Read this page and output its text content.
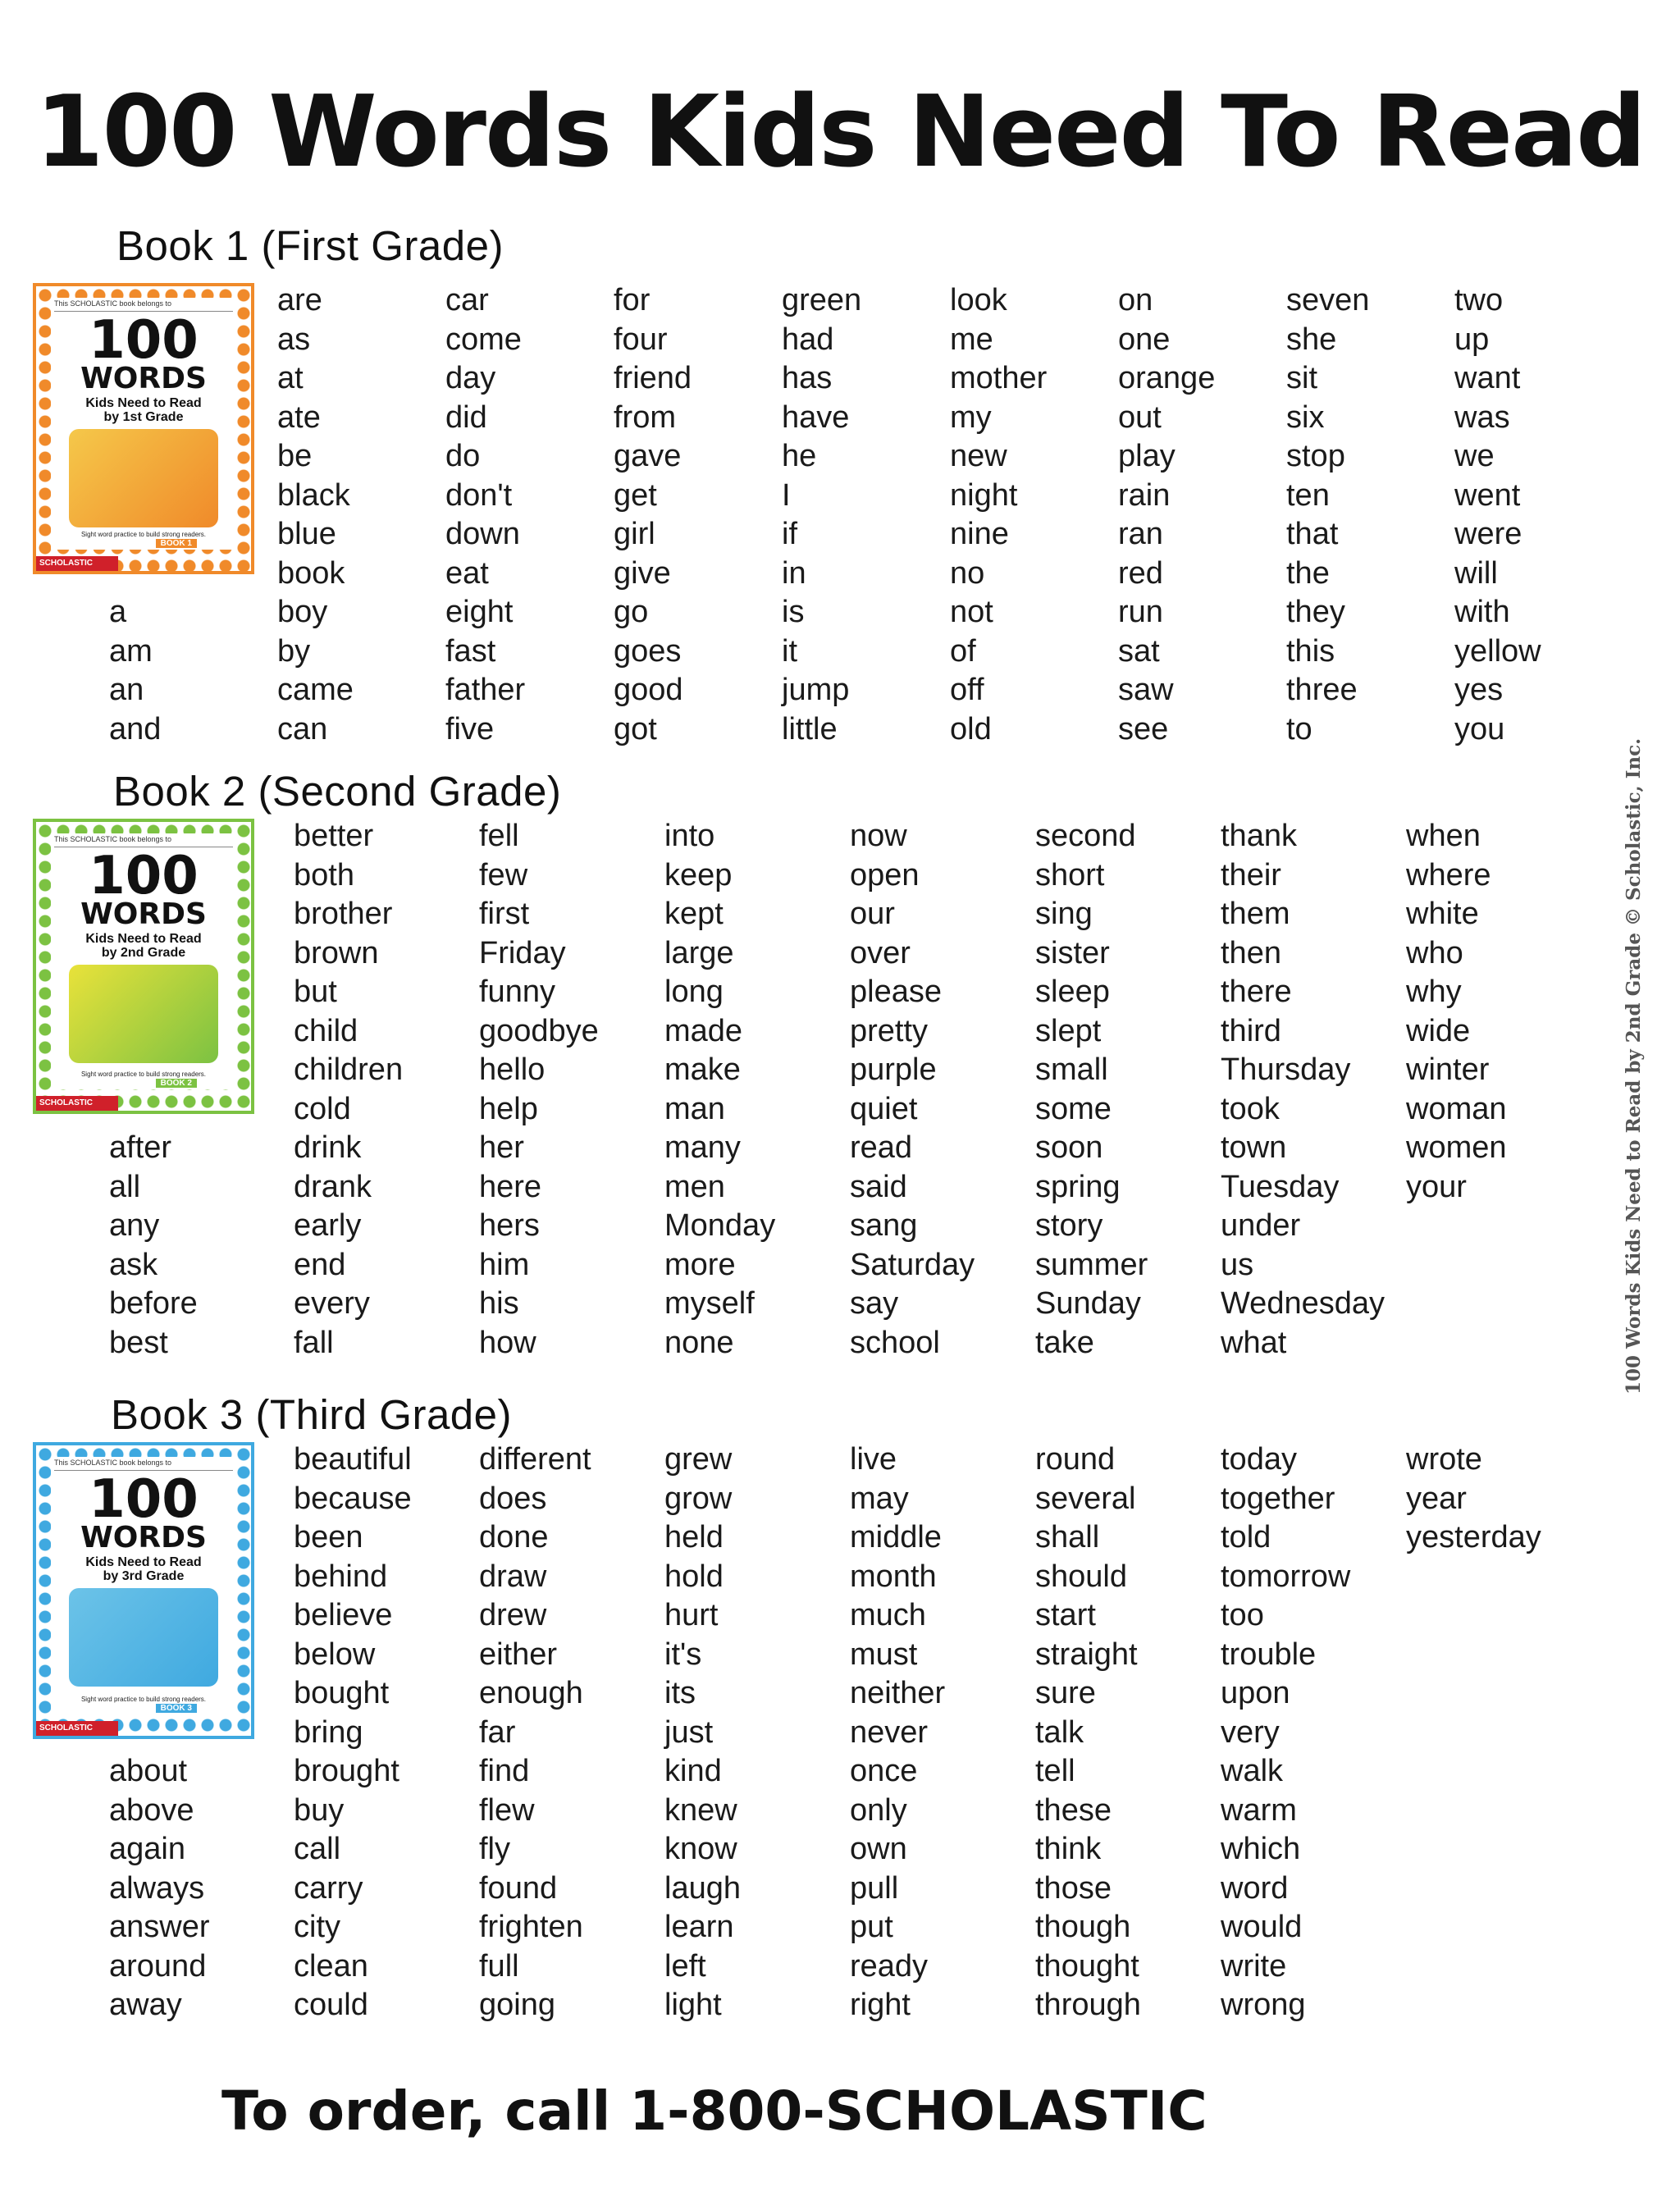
100 Words Kids Need To Read
Book 1 (First Grade)
This SCHOLASTIC book belongs to
100
WORDS
Kids Need to Read
by 1st Grade
Sight word practice to build strong readers.
BOOK 1
SCHOLASTIC
a
am
an
and
are
as
at
ate
be
black
blue
book
boy
by
came
can
car
come
day
did
do
don't
down
eat
eight
fast
father
five
for
four
friend
from
gave
get
girl
give
go
goes
good
got
green
had
has
have
he
I
if
in
is
it
jump
little
look
me
mother
my
new
night
nine
no
not
of
off
old
on
one
orange
out
play
rain
ran
red
run
sat
saw
see
seven
she
sit
six
stop
ten
that
the
they
this
three
to
two
up
want
was
we
went
were
will
with
yellow
yes
you
Book 2 (Second Grade)
This SCHOLASTIC book belongs to
100
WORDS
Kids Need to Read
by 2nd Grade
Sight word practice to build strong readers.
BOOK 2
SCHOLASTIC
after
all
any
ask
before
best
better
both
brother
brown
but
child
children
cold
drink
drank
early
end
every
fall
fell
few
first
Friday
funny
goodbye
hello
help
her
here
hers
him
his
how
into
keep
kept
large
long
made
make
man
many
men
Monday
more
myself
none
now
open
our
over
please
pretty
purple
quiet
read
said
sang
Saturday
say
school
second
short
sing
sister
sleep
slept
small
some
soon
spring
story
summer
Sunday
take
thank
their
them
then
there
third
Thursday
took
town
Tuesday
under
us
Wednesday
what
when
where
white
who
why
wide
winter
woman
women
your
Book 3 (Third Grade)
This SCHOLASTIC book belongs to
100
WORDS
Kids Need to Read
by 3rd Grade
Sight word practice to build strong readers.
BOOK 3
SCHOLASTIC
about
above
again
always
answer
around
away
beautiful
because
been
behind
believe
below
bought
bring
brought
buy
call
carry
city
clean
could
different
does
done
draw
drew
either
enough
far
find
flew
fly
found
frighten
full
going
grew
grow
held
hold
hurt
it's
its
just
kind
knew
know
laugh
learn
left
light
live
may
middle
month
much
must
neither
never
once
only
own
pull
put
ready
right
round
several
shall
should
start
straight
sure
talk
tell
these
think
those
though
thought
through
today
together
told
tomorrow
too
trouble
upon
very
walk
warm
which
word
would
write
wrong
wrote
year
yesterday
100 Words Kids Need to Read by 2nd Grade © Scholastic, Inc.
To order, call 1-800-SCHOLASTIC
